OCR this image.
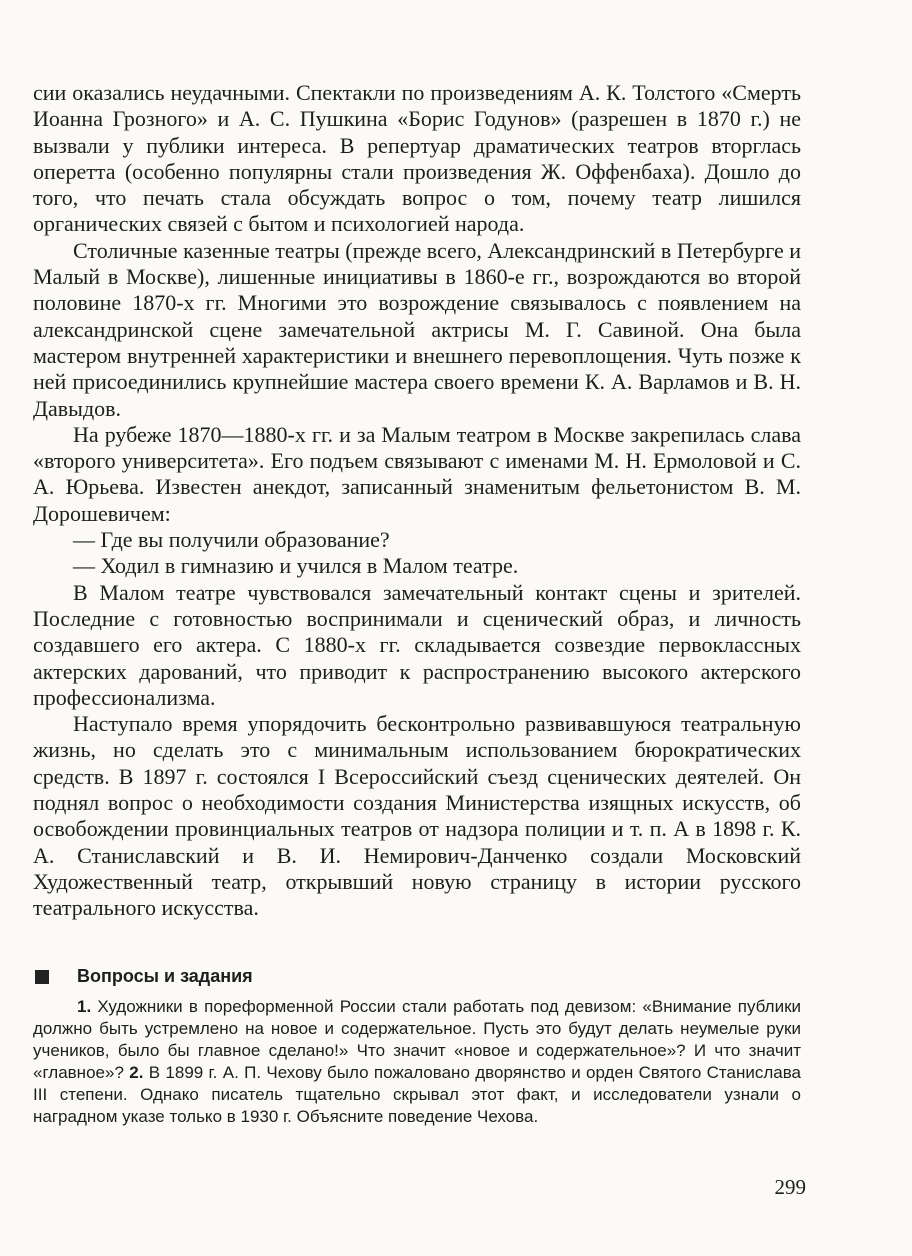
сии оказались неудачными. Спектакли по произведениям А. К. Толстого «Смерть Иоанна Грозного» и А. С. Пушкина «Борис Годунов» (разрешен в 1870 г.) не вызвали у публики интереса. В репертуар драматических театров вторглась оперетта (особенно популярны стали произведения Ж. Оффенбаха). Дошло до того, что печать стала обсуждать вопрос о том, почему театр лишился органических связей с бытом и психологией народа.

Столичные казенные театры (прежде всего, Александринский в Петербурге и Малый в Москве), лишенные инициативы в 1860-е гг., возрождаются во второй половине 1870-х гг. Многими это возрождение связывалось с появлением на александринской сцене замечательной актрисы М. Г. Савиной. Она была мастером внутренней характеристики и внешнего перевоплощения. Чуть позже к ней присоединились крупнейшие мастера своего времени К. А. Варламов и В. Н. Давыдов.

На рубеже 1870—1880-х гг. и за Малым театром в Москве закрепилась слава «второго университета». Его подъем связывают с именами М. Н. Ермоловой и С. А. Юрьева. Известен анекдот, записанный знаменитым фельетонистом В. М. Дорошевичем:

— Где вы получили образование?

— Ходил в гимназию и учился в Малом театре.

В Малом театре чувствовался замечательный контакт сцены и зрителей. Последние с готовностью воспринимали и сценический образ, и личность создавшего его актера. С 1880-х гг. складывается созвездие первоклассных актерских дарований, что приводит к распространению высокого актерского профессионализма.

Наступало время упорядочить бесконтрольно развивавшуюся театральную жизнь, но сделать это с минимальным использованием бюрократических средств. В 1897 г. состоялся I Всероссийский съезд сценических деятелей. Он поднял вопрос о необходимости создания Министерства изящных искусств, об освобождении провинциальных театров от надзора полиции и т. п. А в 1898 г. К. А. Станиславский и В. И. Немирович-Данченко создали Московский Художественный театр, открывший новую страницу в истории русского театрального искусства.

Вопросы и задания

1. Художники в пореформенной России стали работать под девизом: «Внимание публики должно быть устремлено на новое и содержательное. Пусть это будут делать неумелые руки учеников, было бы главное сделано!» Что значит «новое и содержательное»? И что значит «главное»? 2. В 1899 г. А. П. Чехову было пожаловано дворянство и орден Святого Станислава III степени. Однако писатель тщательно скрывал этот факт, и исследователи узнали о наградном указе только в 1930 г. Объясните поведение Чехова.

299
